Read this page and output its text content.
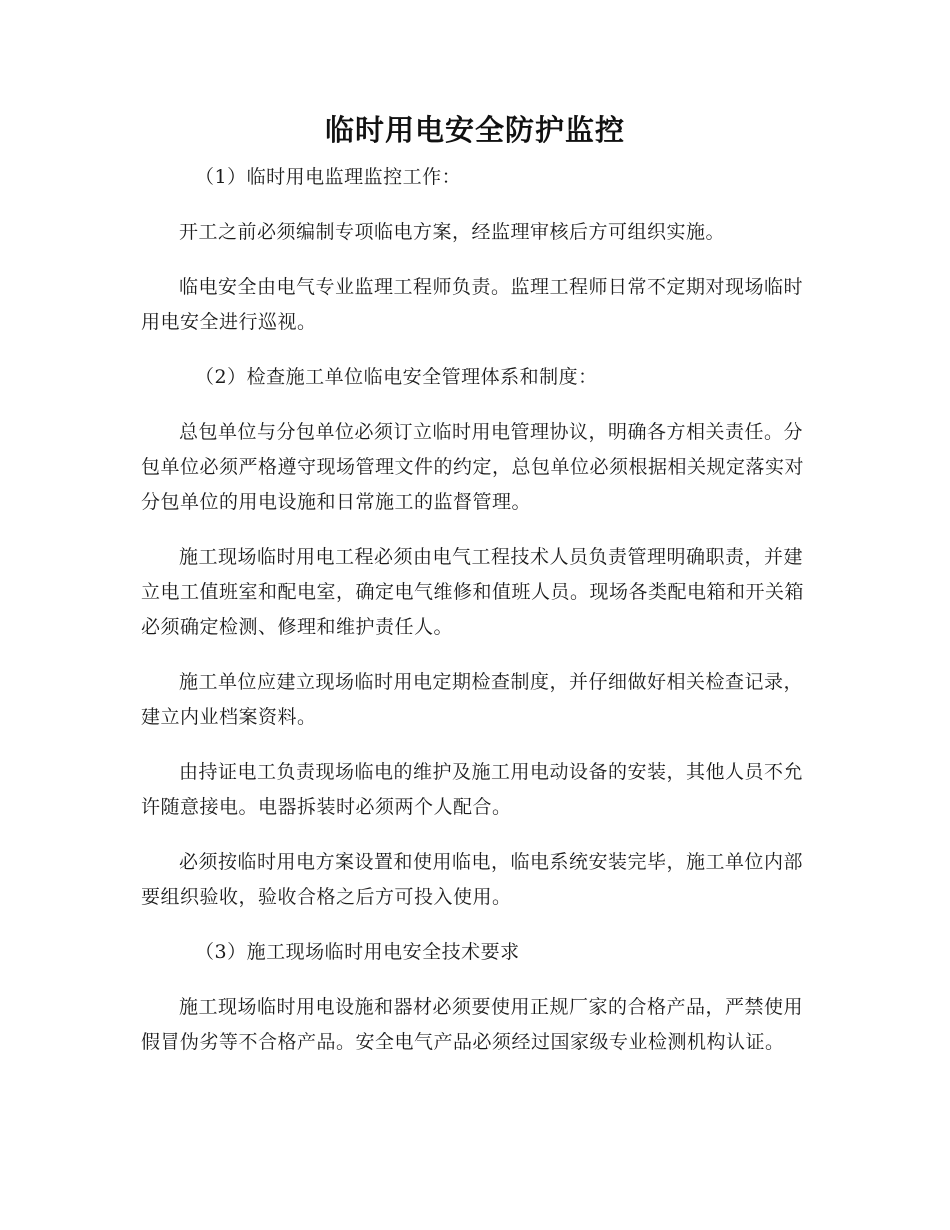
临时用电安全防护监控
（1）临时用电监理监控工作：

开工之前必须编制专项临电方案，经监理审核后方可组织实施。

临电安全由电气专业监理工程师负责。监理工程师日常不定期对现场临时用电安全进行巡视。

（2）检查施工单位临电安全管理体系和制度：

总包单位与分包单位必须订立临时用电管理协议，明确各方相关责任。分包单位必须严格遵守现场管理文件的约定，总包单位必须根据相关规定落实对分包单位的用电设施和日常施工的监督管理。

施工现场临时用电工程必须由电气工程技术人员负责管理明确职责，并建立电工值班室和配电室，确定电气维修和值班人员。现场各类配电箱和开关箱必须确定检测、修理和维护责任人。

施工单位应建立现场临时用电定期检查制度，并仔细做好相关检查记录，建立内业档案资料。

由持证电工负责现场临电的维护及施工用电动设备的安装，其他人员不允许随意接电。电器拆装时必须两个人配合。

必须按临时用电方案设置和使用临电，临电系统安装完毕，施工单位内部要组织验收，验收合格之后方可投入使用。

（3）施工现场临时用电安全技术要求

施工现场临时用电设施和器材必须要使用正规厂家的合格产品，严禁使用假冒伪劣等不合格产品。安全电气产品必须经过国家级专业检测机构认证。
